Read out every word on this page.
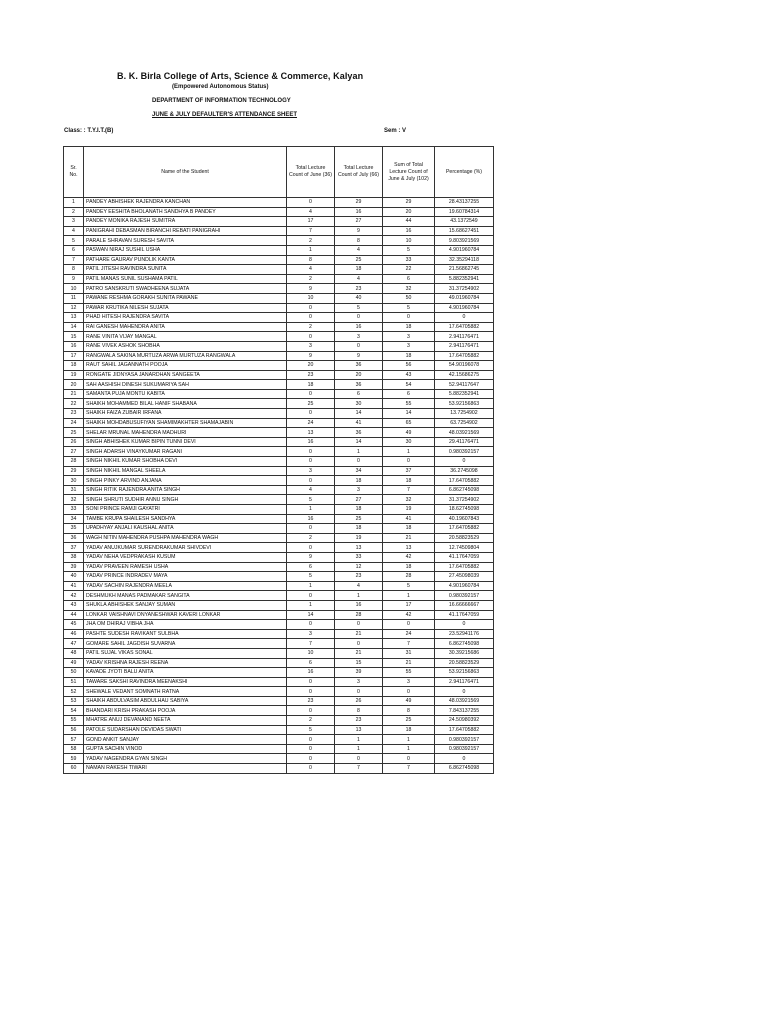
B. K. Birla College of Arts, Science & Commerce, Kalyan
(Empowered Autonomous Status)
DEPARTMENT OF INFORMATION TECHNOLOGY
JUNE & JULY DEFAULTER'S ATTENDANCE SHEET
Class: : T.Y.I.T.(B)	Sem : V
Sr. No.	Name of the Student	Total Lecture Count of June (36)	Total Lecture Count of July (66)	Sum of Total Lecture Count of June & July (102)	Percentage (%)
1	PANDEY ABHISHEK RAJENDRA KANCHAN	0	29	29	28.43137255
2	PANDEY EESHITA BHOLANATH SANDHYA B PANDEY	4	16	20	19.60784314
3	PANDEY MONIKA RAJESH SUMITRA	17	27	44	43.1372549
4	PANIGRAHI DEBASMAN BIRANCHI REBATI PANIGRAHI	7	9	16	15.68627451
5	PARALE SHRAVAN SURESH SAVITA	2	8	10	9.803921569
6	PASWAN NIRAJ SUSHIL USHA	1	4	5	4.901960784
7	PATHARE GAURAV PUNDLIK KANTA	8	25	33	32.35294118
8	PATIL JITESH RAVINDRA SUNITA	4	18	22	21.56862745
9	PATIL MANAS SUNIL SUSHAMA PATIL	2	4	6	5.882352941
10	PATRO SANSKRUTI SWADHEENA SUJATA	9	23	32	31.37254902
11	PAWANE RESHMA GORAKH SUNITA PAWANE	10	40	50	49.01960784
12	PAWAR KRUTIKA NILESH SUJATA	0	5	5	4.901960784
13	PHAD HITESH RAJENDRA SAVITA	0	0	0	0
14	RAI GANESH MAHENDRA ANITA	2	16	18	17.64705882
15	RANE VINITA VIJAY MANGAL	0	3	3	2.941176471
16	RANE VIVEK ASHOK SHOBHA	3	0	3	2.941176471
17	RANGWALA SAKINA MURTUZA ARWA MURTUZA RANGWALA	9	9	18	17.64705882
18	RAUT SAHIL JAGANNATH POOJA	20	36	56	54.90196078
19	RONGATE JIDNYASA JANARDHAN SANGEETA	23	20	43	42.15686275
20	SAH AASHISH DINESH SUKUMARIYA SAH	18	36	54	52.94117647
21	SAMANTA PUJA MONTU KABITA	0	6	6	5.882352941
22	SHAIKH MOHAMMED BILAL HANIF SHABANA	25	30	55	53.92156863
23	SHAIKH FAIZA ZUBAIR IRFANA	0	14	14	13.7254902
24	SHAIKH MOHDABUSUFIYAN SHAMIMAKHTER SHAMAJABIN	24	41	65	63.7254902
25	SHELAR MRUNAL MAHENDRA MADHURI	13	36	49	48.03921569
26	SINGH ABHISHEK KUMAR BIPIN TUNNI DEVI	16	14	30	29.41176471
27	SINGH ADARSH VINAYKUMAR RAGANI	0	1	1	0.980392157
28	SINGH NIKHIL KUMAR SHOBHA DEVI	0	0	0	0
29	SINGH NIKHIL MANGAL SHEELA	3	34	37	36.2745098
30	SINGH PINKY ARVIND ANJANA	0	18	18	17.64705882
31	SINGH RITIK RAJENDRA ANITA SINGH	4	3	7	6.862745098
32	SINGH SHRUTI SUDHIR ANNU SINGH	5	27	32	31.37254902
33	SONI PRINCE RAMJI GAYATRI	1	18	19	18.62745098
34	TAMBE KRUPA SHAILESH SANDHYA	16	25	41	40.19607843
35	UPADHYAY ANJALI KAUSHAL ANITA	0	18	18	17.64705882
36	WAGH NITIN MAHENDRA PUSHPA MAHENDRA WAGH	2	19	21	20.58823529
37	YADAV ANUJKUMAR SURENDRAKUMAR SHIVDEVI	0	13	13	12.74509804
38	YADAV NEHA VEDPRAKASH KUSUM	9	33	42	41.17647059
39	YADAV PRAVEEN RAMESH USHA	6	12	18	17.64705882
40	YADAV PRINCE INDRADEV MAYA	5	23	28	27.45098039
41	YADAV SACHIN RAJENDRA MEELA	1	4	5	4.901960784
42	DESHMUKH MANAS PADMAKAR SANGITA	0	1	1	0.980392157
43	SHUKLA ABHISHEK SANJAY SUMAN	1	16	17	16.66666667
44	LONKAR VAISHNAVI DNYANESHWAR KAVERI LONKAR	14	28	42	41.17647059
45	JHA OM DHIRAJ VIBHA JHA	0	0	0	0
46	PASHTE SUDESH RAVIKANT SULBHA	3	21	24	23.52941176
47	GOMARE SAHIL JAGDISH SUVARNA	7	0	7	6.862745098
48	PATIL SUJAL VIKAS SONAL	10	21	31	30.39215686
49	YADAV KRISHNA RAJESH REENA	6	15	21	20.58823529
50	KAVADE JYOTI BALU ANITA	16	39	55	53.92156863
51	TAWARE SAKSHI RAVINDRA MEENAKSHI	0	3	3	2.941176471
52	SHEWALE VEDANT SOMNATH RATNA	0	0	0	0
53	SHAIKH ABDULVASIM ABDULHAU SABIYA	23	26	49	48.03921569
54	BHANDARI KRISH PRAKASH POOJA	0	8	8	7.843137255
55	MHATRE ANUJ DEVANAND NEETA	2	23	25	24.50980392
56	PATOLE SUDARSHAN DEVIDAS SWATI	5	13	18	17.64705882
57	GOND ANKIT SANJAY	0	1	1	0.980392157
58	GUPTA SACHIN VINOD	0	1	1	0.980392157
59	YADAV NAGENDRA GYAN SINGH	0	0	0	0
60	NAMAN RAKESH TIWARI	0	7	7	6.862745098
